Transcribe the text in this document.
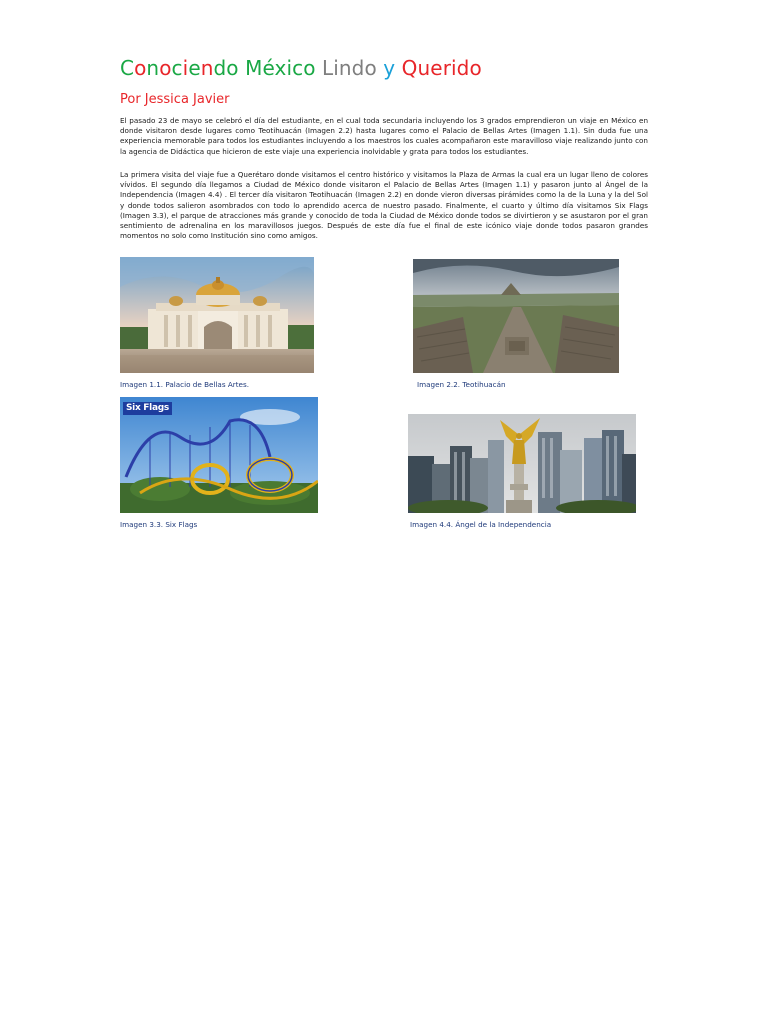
Conociendo México Lindo y Querido

Por Jessica Javier

El pasado 23 de mayo se celebró el día del estudiante, en el cual toda secundaria incluyendo los 3 grados emprendieron un viaje en México en donde visitaron desde lugares como Teotihuacán (Imagen 2.2) hasta lugares como el Palacio de Bellas Artes (Imagen 1.1). Sin duda fue una experiencia memorable para todos los estudiantes incluyendo a los maestros los cuales acompañaron este maravilloso viaje realizando junto con la agencia de Didáctica que hicieron de este viaje una experiencia inolvidable y grata para todos los estudiantes.

La primera visita del viaje fue a Querétaro donde visitamos el centro histórico y visitamos la Plaza de Armas la cual era un lugar lleno de colores vívidos. El segundo día llegamos a Ciudad de México donde visitaron el Palacio de Bellas Artes (Imagen 1.1) y pasaron junto al Ángel de la Independencia (Imagen 4.4) . El tercer día visitaron Teotihuacán (Imagen 2.2) en donde vieron diversas pirámides como la de la Luna y la del Sol y donde todos salieron asombrados con todo lo aprendido acerca de nuestro pasado. Finalmente, el cuarto y último día visitamos Six Flags (Imagen 3.3), el parque de atracciones más grande y conocido de toda la Ciudad de México donde todos se divirtieron y se asustaron por el gran sentimiento de adrenalina en los maravillosos juegos. Después de este día fue el final de este icónico viaje donde todos pasaron grandes momentos no solo como Institución sino como amigos.

Imagen 1.1. Palacio de Bellas Artes.	Imagen 2.2. Teotihuacán

Six Flags

Imagen 3.3. Six Flags	Imagen 4.4. Ángel de la Independencia
